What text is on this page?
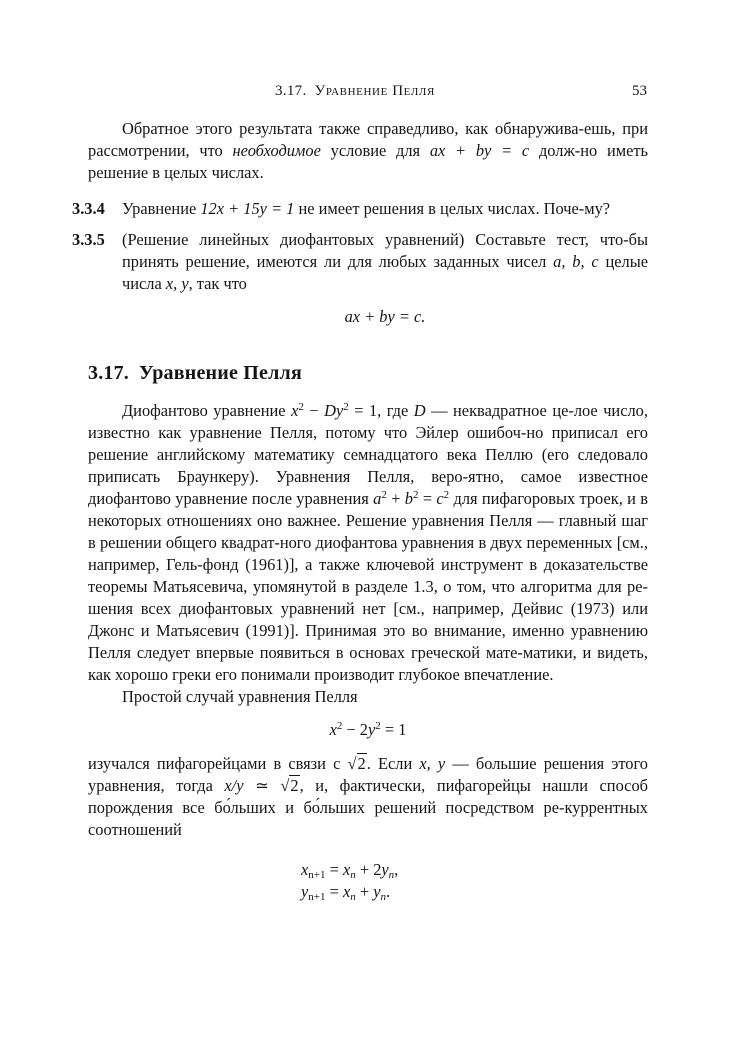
3.17. Уравнение Пелля	53

Обратное этого результата также справедливо, как обнаружива-ешь, при рассмотрении, что необходимое условие для ax + by = c долж-но иметь решение в целых числах.

3.3.4 Уравнение 12x + 15y = 1 не имеет решения в целых числах. Поче-му?
3.3.5 (Решение линейных диофантовых уравнений) Составьте тест, что-бы принять решение, имеются ли для любых заданных чисел a, b, c целые числа x, y, так что
ax + by = c.
3.17. Уравнение Пелля

Диофантово уравнение $x^2 - Dy^2 = 1$, где D — неквадратное це-лое число, известно как уравнение Пелля, потому что Эйлер ошибоч-но приписал его решение английскому математику семнадцатого века Пеллю (его следовало приписать Браункеру). Уравнения Пелля, веро-ятно, самое известное диофантово уравнение после уравнения $a^2 + b^2 = c^2$ для пифагоровых троек, и в некоторых отношениях оно важнее. Решение уравнения Пелля — главный шаг в решении общего квадрат-ного диофантова уравнения в двух переменных [см., например, Гель-фонд (1961)], а также ключевой инструмент в доказательстве теоремы Матьясевича, упомянутой в разделе 1.3, о том, что алгоритма для ре-шения всех диофантовых уравнений нет [см., например, Дейвис (1973) или Джонс и Матьясевич (1991)]. Принимая это во внимание, именно уравнению Пелля следует впервые появиться в основах греческой мате-матики, и видеть, как хорошо греки его понимали производит глубокое впечатление.

Простой случай уравнения Пелля

$x^2 - 2y^2 = 1$

изучался пифагорейцами в связи с √2. Если x, y — большие решения этого уравнения, тогда x/y ≃ √2, и, фактически, пифагорейцы нашли способ порождения все бо́льших и бо́льших решений посредством ре-куррентных соотношений

$x_{n+1} = x_n + 2y_n$,
$y_{n+1} = x_n + y_n$.
